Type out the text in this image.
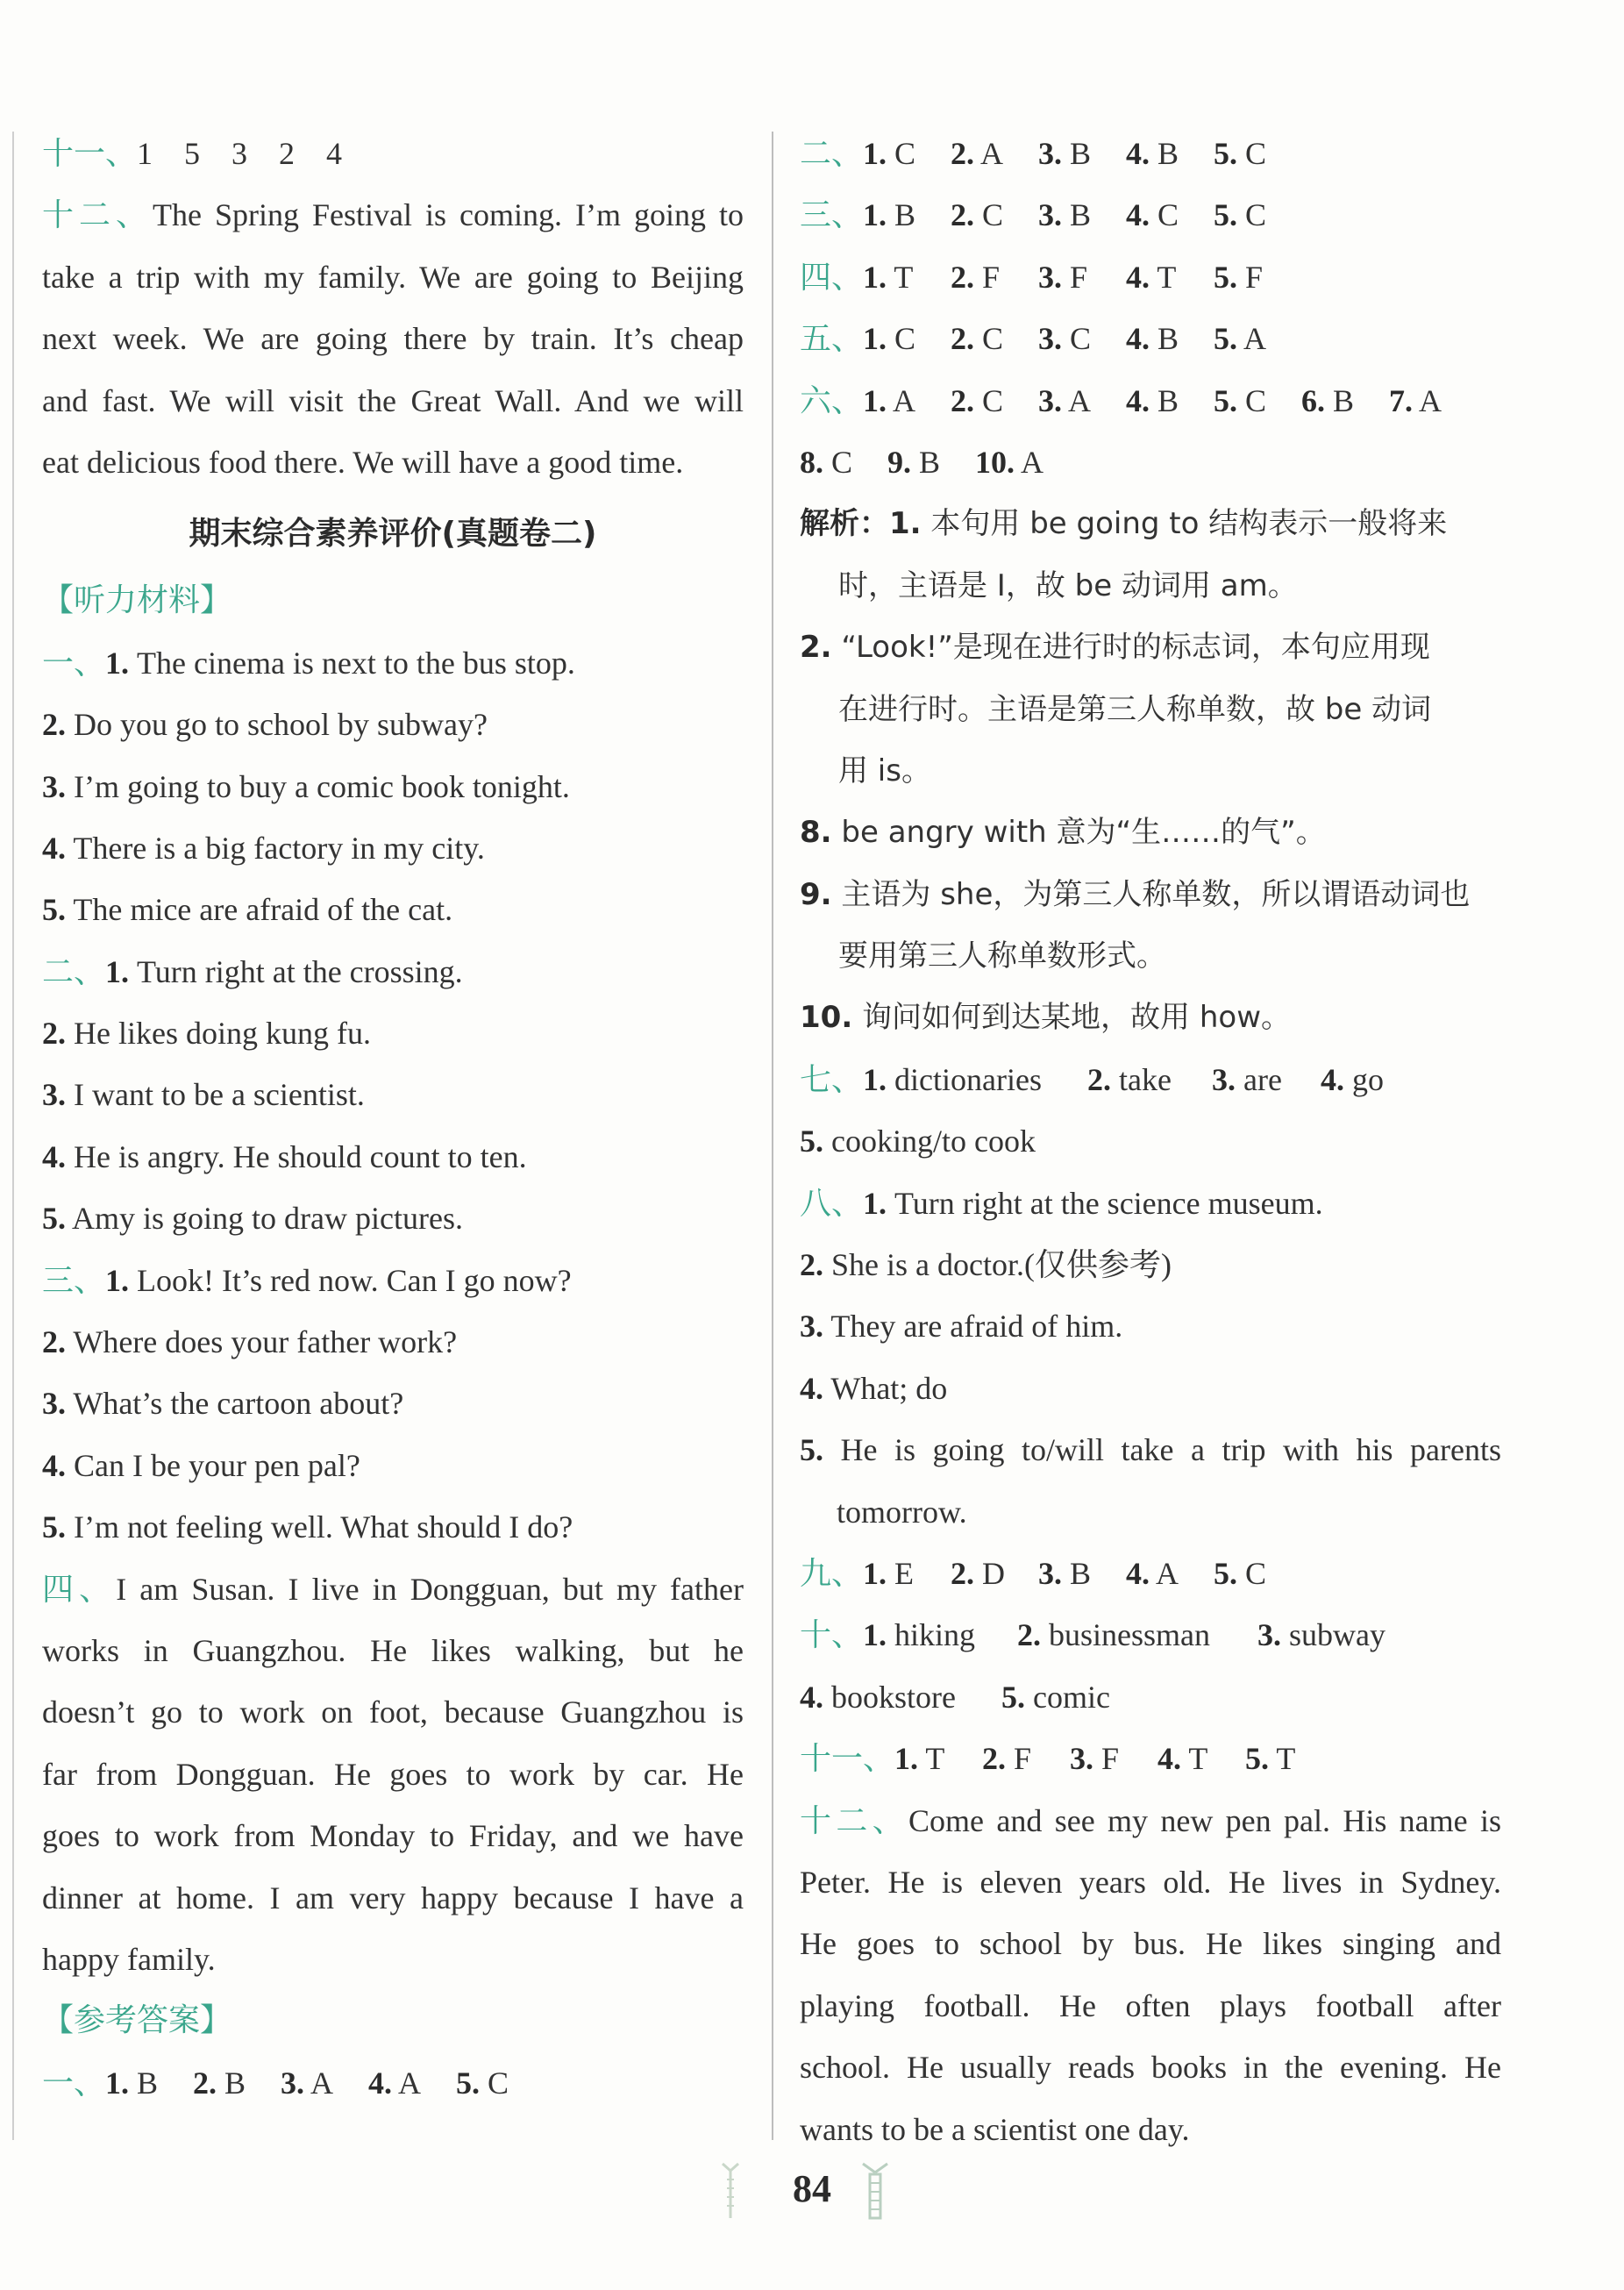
十一、1　5　3　2　4
十二、The Spring Festival is coming. I’m going to
take a trip with my family. We are going to Beijing
next week. We are going there by train. It’s cheap
and fast. We will visit the Great Wall. And we will
eat delicious food there. We will have a good time.
期末综合素养评价(真题卷二)
【听力材料】
一、1. The cinema is next to the bus stop.
2. Do you go to school by subway?
3. I’m going to buy a comic book tonight.
4. There is a big factory in my city.
5. The mice are afraid of the cat.
二、1. Turn right at the crossing.
2. He likes doing kung fu.
3. I want to be a scientist.
4. He is angry. He should count to ten.
5. Amy is going to draw pictures.
三、1. Look! It’s red now. Can I go now?
2. Where does your father work?
3. What’s the cartoon about?
4. Can I be your pen pal?
5. I’m not feeling well. What should I do?
四、I am Susan. I live in Dongguan, but my father
works in Guangzhou. He likes walking, but he
doesn’t go to work on foot, because Guangzhou is
far from Dongguan. He goes to work by car. He
goes to work from Monday to Friday, and we have
dinner at home. I am very happy because I have a
happy family.
【参考答案】
一、1. B 2. B 3. A 4. A 5. C
二、1. C 2. A 3. B 4. B 5. C
三、1. B 2. C 3. B 4. C 5. C
四、1. T 2. F 3. F 4. T 5. F
五、1. C 2. C 3. C 4. B 5. A
六、1. A 2. C 3. A 4. B 5. C 6. B 7. A
8. C 9. B 10. A
解析：1. 本句用 be going to 结构表示一般将来
时，主语是 I，故 be 动词用 am。
2. “Look!”是现在进行时的标志词，本句应用现
在进行时。主语是第三人称单数，故 be 动词
用 is。
8. be angry with 意为“生……的气”。
9. 主语为 she，为第三人称单数，所以谓语动词也
要用第三人称单数形式。
10. 询问如何到达某地，故用 how。
七、1. dictionaries 2. take 3. are 4. go
5. cooking/to cook
八、1. Turn right at the science museum.
2. She is a doctor.(仅供参考)
3. They are afraid of him.
4. What; do
5. He is going to/will take a trip with his parents
tomorrow.
九、1. E 2. D 3. B 4. A 5. C
十、1. hiking 2. businessman 3. subway
4. bookstore 5. comic
十一、1. T 2. F 3. F 4. T 5. T
十二、Come and see my new pen pal. His name is
Peter. He is eleven years old. He lives in Sydney.
He goes to school by bus. He likes singing and
playing football. He often plays football after
school. He usually reads books in the evening. He
wants to be a scientist one day.
84
